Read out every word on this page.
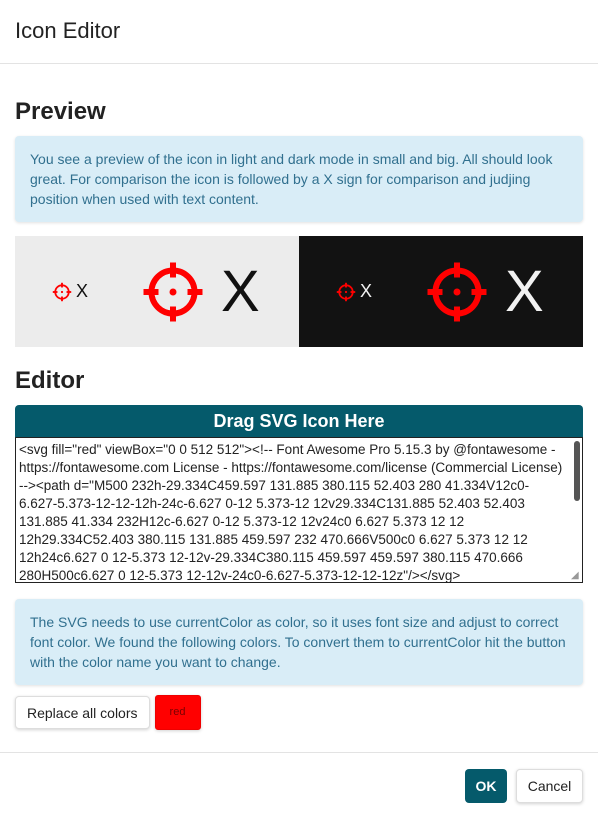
Icon Editor
Preview
You see a preview of the icon in light and dark mode in small and big. All should look great. For comparison the icon is followed by a X sign for comparison and judjing position when used with text content.
X X	X X
Editor
Drag SVG Icon Here
<svg fill="red" viewBox="0 0 512 512"><!-- Font Awesome Pro 5.15.3 by @fontawesome - https://fontawesome.com License - https://fontawesome.com/license (Commercial License) --><path d="M500 232h-29.334C459.597 131.885 380.115 52.403 280 41.334V12c0-6.627-5.373-12-12-12h-24c-6.627 0-12 5.373-12 12v29.334C131.885 52.403 52.403 131.885 41.334 232H12c-6.627 0-12 5.373-12 12v24c0 6.627 5.373 12 12 12h29.334C52.403 380.115 131.885 459.597 232 470.666V500c0 6.627 5.373 12 12 12h24c6.627 0 12-5.373 12-12v-29.334C380.115 459.597 459.597 380.115 470.666 280H500c6.627 0 12-5.373 12-12v-24c0-6.627-5.373-12-12-12z"/></svg>
◢
The SVG needs to use currentColor as color, so it uses font size and adjust to correct font color. We found the following colors. To convert them to currentColor hit the button with the color name you want to change.
Replace all colors	red
OK	Cancel
